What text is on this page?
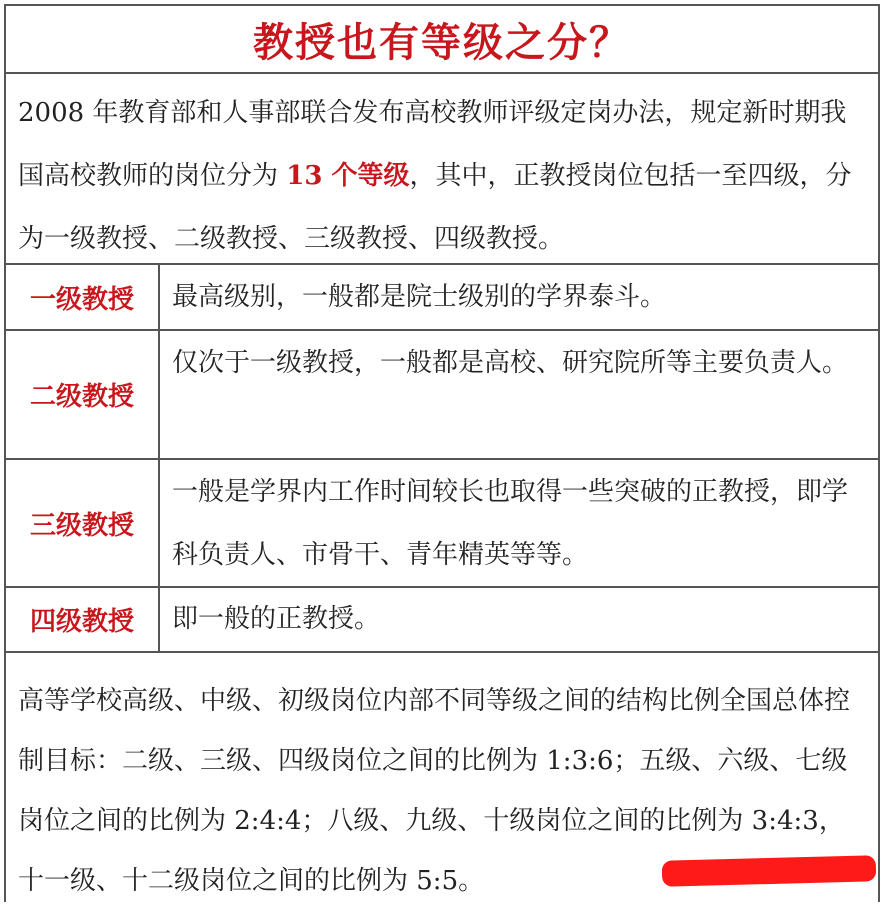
教授也有等级之分？
2008 年教育部和人事部联合发布高校教师评级定岗办法，规定新时期我国高校教师的岗位分为 13 个等级，其中，正教授岗位包括一至四级，分为一级教授、二级教授、三级教授、四级教授。
一级教授	最高级别，一般都是院士级别的学界泰斗。
二级教授
仅次于一级教授，一般都是高校、研究院所等主要负责人。
三级教授
一般是学界内工作时间较长也取得一些突破的正教授，即学科负责人、市骨干、青年精英等等。
四级教授	即一般的正教授。
高等学校高级、中级、初级岗位内部不同等级之间的结构比例全国总体控制目标：二级、三级、四级岗位之间的比例为 1:3:6；五级、六级、七级岗位之间的比例为 2:4:4；八级、九级、十级岗位之间的比例为 3:4:3，十一级、十二级岗位之间的比例为 5:5。
